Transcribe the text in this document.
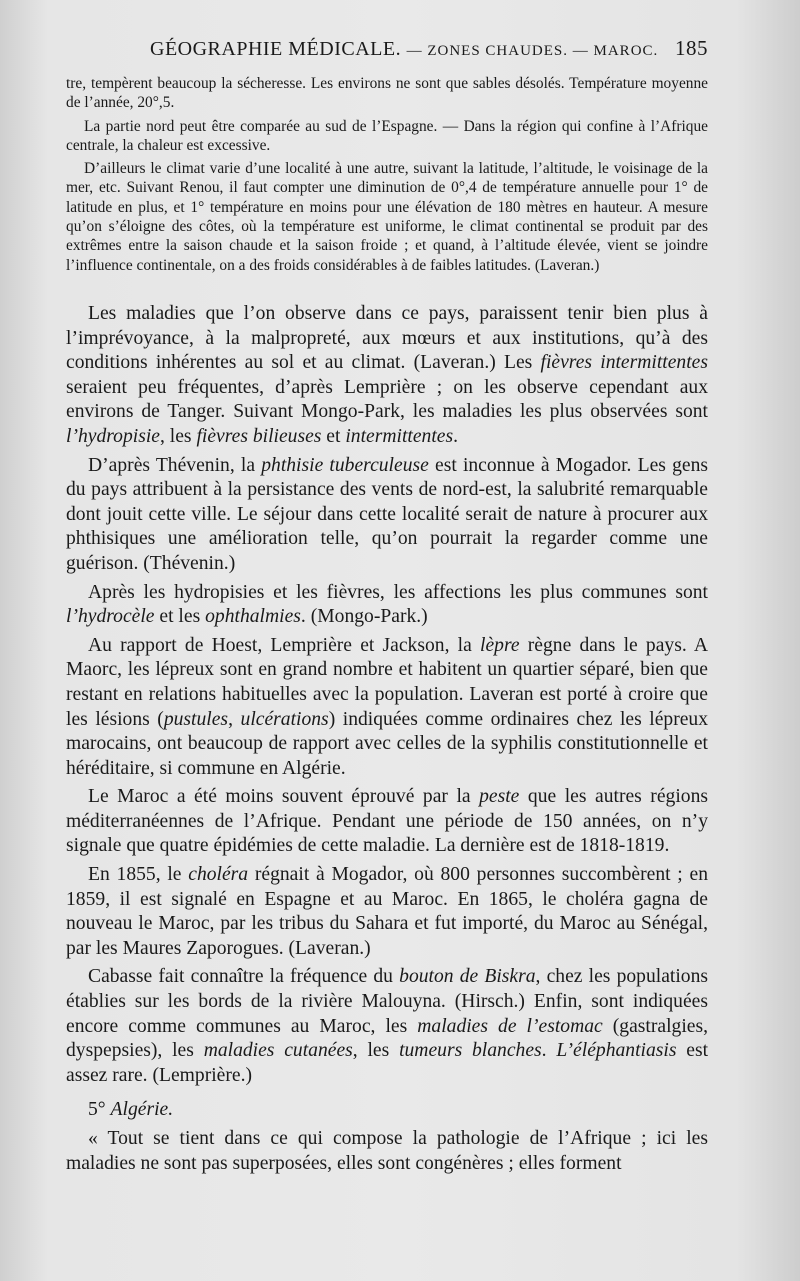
GÉOGRAPHIE MÉDICALE. — ZONES CHAUDES. — MAROC. 185

tre, tempèrent beaucoup la sécheresse. Les environs ne sont que sables désolés. Température moyenne de l’année, 20°,5.

La partie nord peut être comparée au sud de l’Espagne. — Dans la région qui confine à l’Afrique centrale, la chaleur est excessive.

D’ailleurs le climat varie d’une localité à une autre, suivant la latitude, l’altitude, le voisinage de la mer, etc. Suivant Renou, il faut compter une diminution de 0°,4 de température annuelle pour 1° de latitude en plus, et 1° température en moins pour une élévation de 180 mètres en hauteur. A mesure qu’on s’éloigne des côtes, où la température est uniforme, le climat continental se produit par des extrêmes entre la saison chaude et la saison froide ; et quand, à l’altitude élevée, vient se joindre l’influence continentale, on a des froids considérables à de faibles latitudes. (Laveran.)

Les maladies que l’on observe dans ce pays, paraissent tenir bien plus à l’imprévoyance, à la malpropreté, aux mœurs et aux institutions, qu’à des conditions inhérentes au sol et au climat. (Laveran.) Les fièvres intermittentes seraient peu fréquentes, d’après Lemprière ; on les observe cependant aux environs de Tanger. Suivant Mongo-Park, les maladies les plus observées sont l’hydropisie, les fièvres bilieuses et intermittentes.

D’après Thévenin, la phthisie tuberculeuse est inconnue à Mogador. Les gens du pays attribuent à la persistance des vents de nord-est, la salubrité remarquable dont jouit cette ville. Le séjour dans cette localité serait de nature à procurer aux phthisiques une amélioration telle, qu’on pourrait la regarder comme une guérison. (Thévenin.)

Après les hydropisies et les fièvres, les affections les plus communes sont l’hydrocèle et les ophthalmies. (Mongo-Park.)

Au rapport de Hoest, Lemprière et Jackson, la lèpre règne dans le pays. A Maorc, les lépreux sont en grand nombre et habitent un quartier séparé, bien que restant en relations habituelles avec la population. Laveran est porté à croire que les lésions (pustules, ulcérations) indiquées comme ordinaires chez les lépreux marocains, ont beaucoup de rapport avec celles de la syphilis constitutionnelle et héréditaire, si commune en Algérie.

Le Maroc a été moins souvent éprouvé par la peste que les autres régions méditerranéennes de l’Afrique. Pendant une période de 150 années, on n’y signale que quatre épidémies de cette maladie. La dernière est de 1818-1819.

En 1855, le choléra régnait à Mogador, où 800 personnes succombèrent ; en 1859, il est signalé en Espagne et au Maroc. En 1865, le choléra gagna de nouveau le Maroc, par les tribus du Sahara et fut importé, du Maroc au Sénégal, par les Maures Zaporogues. (Laveran.)

Cabasse fait connaître la fréquence du bouton de Biskra, chez les populations établies sur les bords de la rivière Malouyna. (Hirsch.) Enfin, sont indiquées encore comme communes au Maroc, les maladies de l’estomac (gastralgies, dyspepsies), les maladies cutanées, les tumeurs blanches. L’éléphantiasis est assez rare. (Lemprière.)

5° Algérie.

« Tout se tient dans ce qui compose la pathologie de l’Afrique ; ici les maladies ne sont pas superposées, elles sont congénères ; elles forment
